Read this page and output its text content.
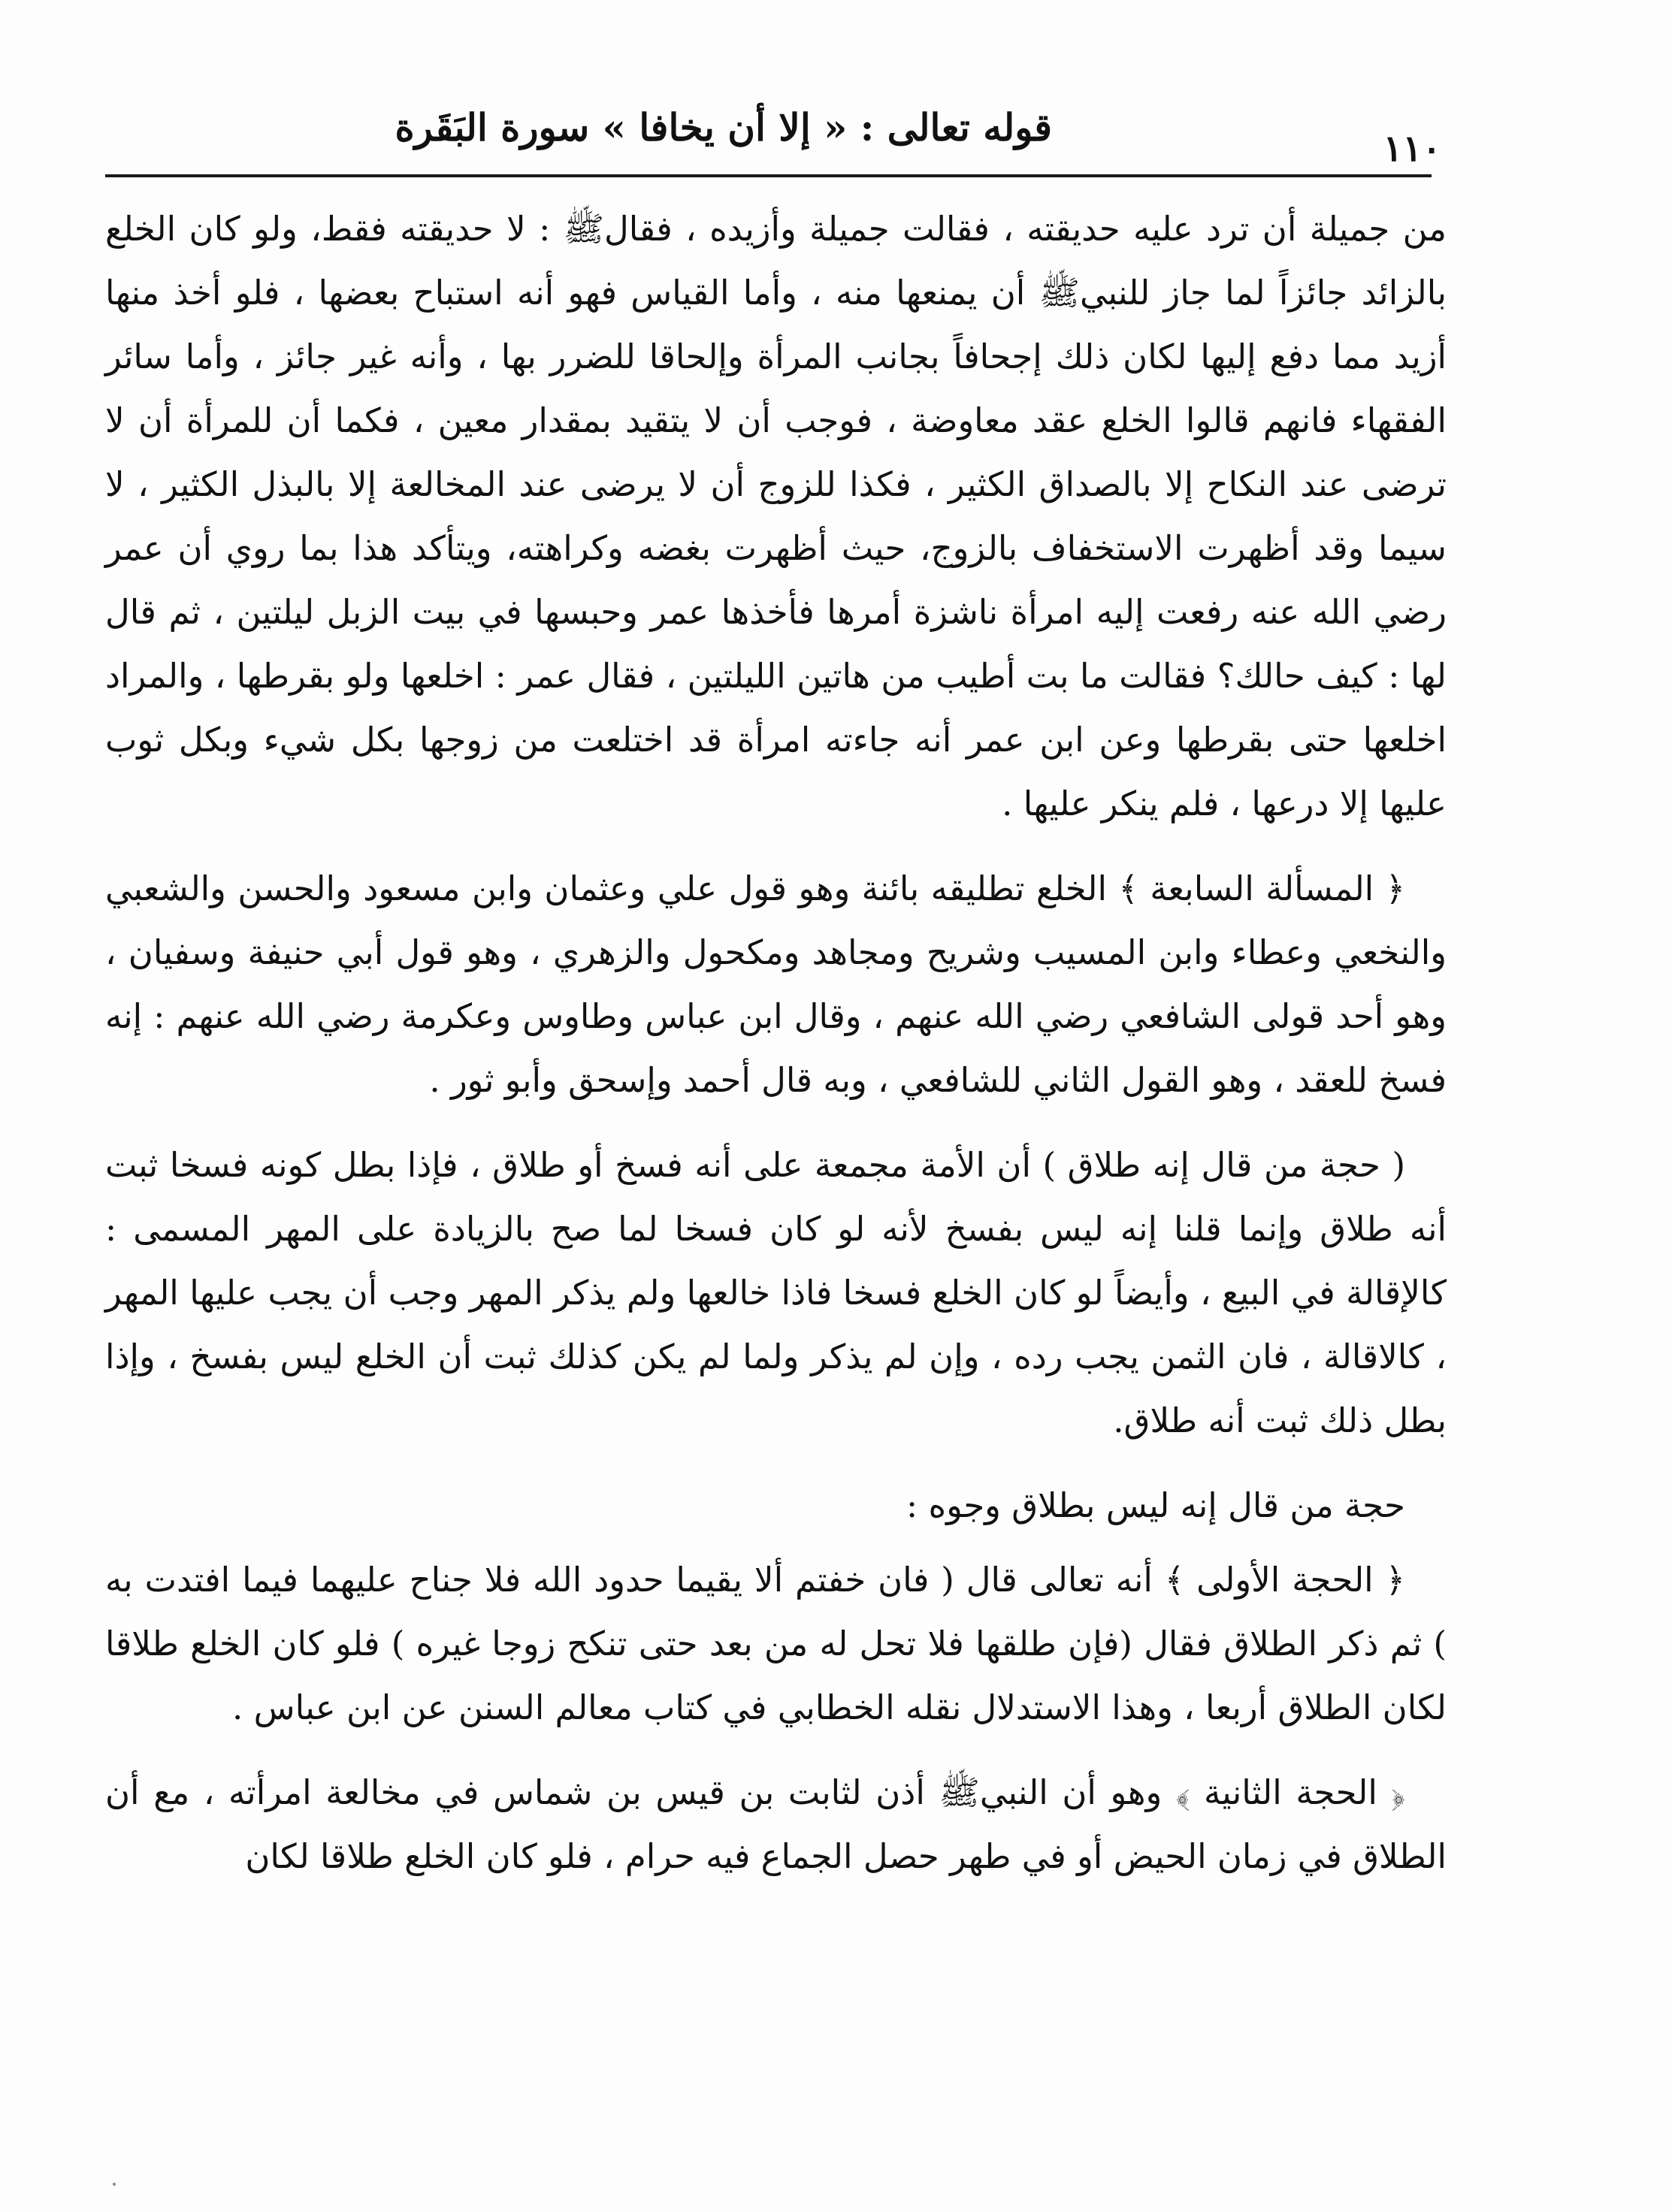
قوله تعالى : « إلا أن يخافا » سورة البَقَرة	١١٠

من جميلة أن ترد عليه حديقته ، فقالت جميلة وأزيده ، فقالﷺ : لا حديقته فقط، ولو كان الخلع بالزائد جائزاً لما جاز للنبيﷺ أن يمنعها منه ، وأما القياس فهو أنه استباح بعضها ، فلو أخذ منها أزيد مما دفع إليها لكان ذلك إجحافاً بجانب المرأة وإلحاقا للضرر بها ، وأنه غير جائز ، وأما سائر الفقهاء فانهم قالوا الخلع عقد معاوضة ، فوجب أن لا يتقيد بمقدار معين ، فكما أن للمرأة أن لا ترضى عند النكاح إلا بالصداق الكثير ، فكذا للزوج أن لا يرضى عند المخالعة إلا بالبذل الكثير ، لا سيما وقد أظهرت الاستخفاف بالزوج، حيث أظهرت بغضه وكراهته، ويتأكد هذا بما روي أن عمر رضي الله عنه رفعت إليه امرأة ناشزة أمرها فأخذها عمر وحبسها في بيت الزبل ليلتين ، ثم قال لها : كيف حالك؟ فقالت ما بت أطيب من هاتين الليلتين ، فقال عمر : اخلعها ولو بقرطها ، والمراد اخلعها حتى بقرطها وعن ابن عمر أنه جاءته امرأة قد اختلعت من زوجها بكل شيء وبكل ثوب عليها إلا درعها ، فلم ينكر عليها .

﴿ المسألة السابعة ﴾ الخلع تطليقه بائنة وهو قول علي وعثمان وابن مسعود والحسن والشعبي والنخعي وعطاء وابن المسيب وشريح ومجاهد ومكحول والزهري ، وهو قول أبي حنيفة وسفيان ، وهو أحد قولى الشافعي رضي الله عنهم ، وقال ابن عباس وطاوس وعكرمة رضي الله عنهم : إنه فسخ للعقد ، وهو القول الثاني للشافعي ، وبه قال أحمد وإسحق وأبو ثور .

( حجة من قال إنه طلاق ) أن الأمة مجمعة على أنه فسخ أو طلاق ، فإذا بطل كونه فسخا ثبت أنه طلاق وإنما قلنا إنه ليس بفسخ لأنه لو كان فسخا لما صح بالزيادة على المهر المسمى : كالإقالة في البيع ، وأيضاً لو كان الخلع فسخا فاذا خالعها ولم يذكر المهر وجب أن يجب عليها المهر ، كالاقالة ، فان الثمن يجب رده ، وإن لم يذكر ولما لم يكن كذلك ثبت أن الخلع ليس بفسخ ، وإذا بطل ذلك ثبت أنه طلاق.

حجة من قال إنه ليس بطلاق وجوه :

﴿ الحجة الأولى ﴾ أنه تعالى قال ( فان خفتم ألا يقيما حدود الله فلا جناح عليهما فيما افتدت به ) ثم ذكر الطلاق فقال (فإن طلقها فلا تحل له من بعد حتى تنكح زوجا غيره ) فلو كان الخلع طلاقا لكان الطلاق أربعا ، وهذا الاستدلال نقله الخطابي في كتاب معالم السنن عن ابن عباس .

﴿ الحجة الثانية ﴾ وهو أن النبيﷺ أذن لثابت بن قيس بن شماس في مخالعة امرأته ، مع أن الطلاق في زمان الحيض أو في طهر حصل الجماع فيه حرام ، فلو كان الخلع طلاقا لكان
